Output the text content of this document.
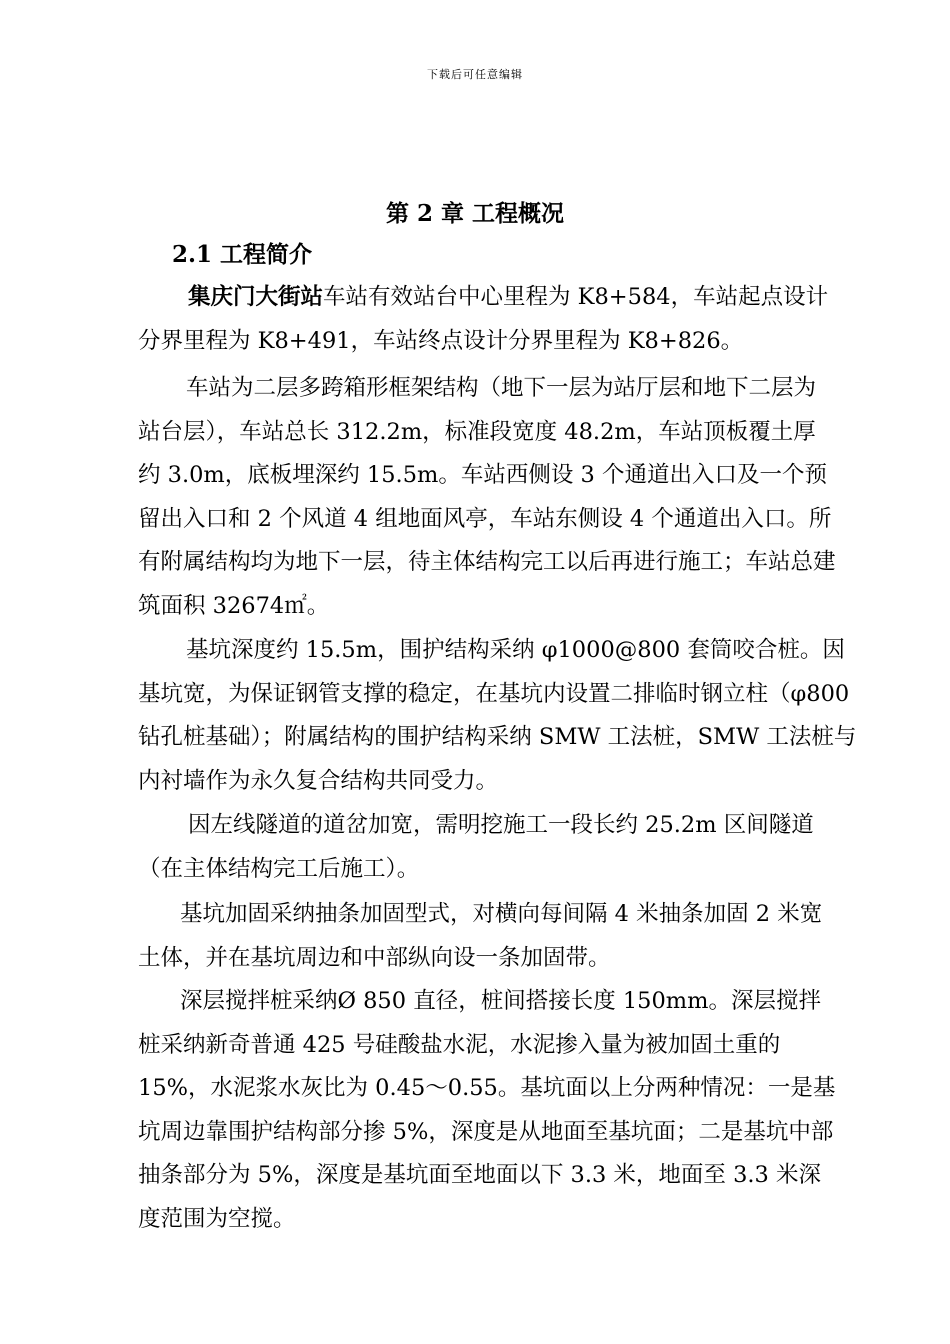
下载后可任意编辑
第 2 章 工程概况
2.1 工程简介

集庆门大街站车站有效站台中心里程为 K8+584，车站起点设计分界里程为 K8+491，车站终点设计分界里程为 K8+826。

车站为二层多跨箱形框架结构（地下一层为站厅层和地下二层为站台层），车站总长 312.2m，标准段宽度 48.2m，车站顶板覆土厚约 3.0m，底板埋深约 15.5m。车站西侧设 3 个通道出入口及一个预留出入口和 2 个风道 4 组地面风亭，车站东侧设 4 个通道出入口。所有附属结构均为地下一层，待主体结构完工以后再进行施工；车站总建筑面积 32674㎡。

基坑深度约 15.5m，围护结构采纳 φ1000@800 套筒咬合桩。因基坑宽，为保证钢管支撑的稳定，在基坑内设置二排临时钢立柱（φ800 钻孔桩基础）；附属结构的围护结构采纳 SMW 工法桩，SMW 工法桩与内衬墙作为永久复合结构共同受力。

因左线隧道的道岔加宽，需明挖施工一段长约 25.2m 区间隧道（在主体结构完工后施工）。

基坑加固采纳抽条加固型式，对横向每间隔 4 米抽条加固 2 米宽土体，并在基坑周边和中部纵向设一条加固带。

深层搅拌桩采纳Ø 850 直径，桩间搭接长度 150mm。深层搅拌桩采纳新奇普通 425 号硅酸盐水泥，水泥掺入量为被加固土重的 15%，水泥浆水灰比为 0.45～0.55。基坑面以上分两种情况：一是基坑周边靠围护结构部分掺 5%，深度是从地面至基坑面；二是基坑中部抽条部分为 5%，深度是基坑面至地面以下 3.3 米，地面至 3.3 米深度范围为空搅。
